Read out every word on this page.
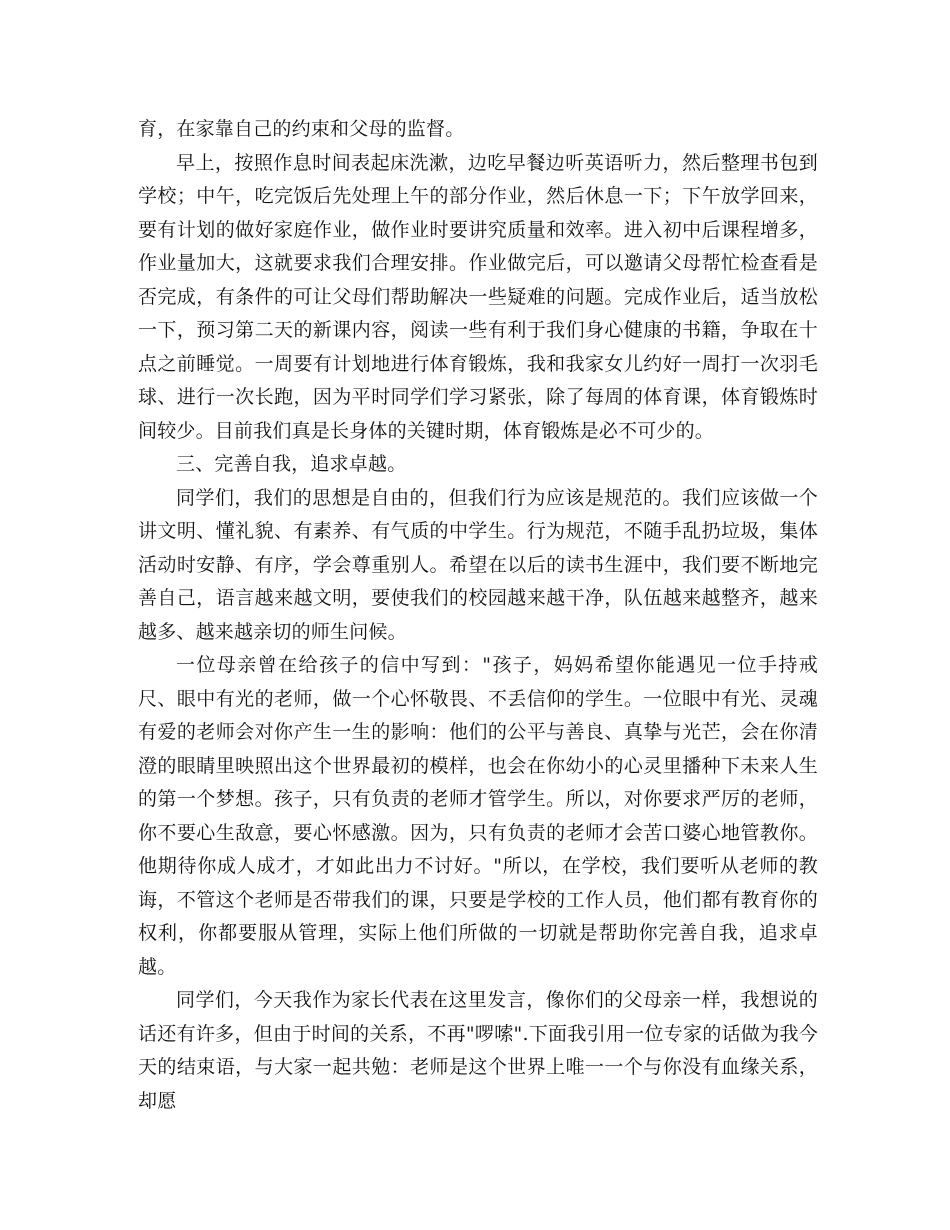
育，在家靠自己的约束和父母的监督。

早上，按照作息时间表起床洗漱，边吃早餐边听英语听力，然后整理书包到学校；中午，吃完饭后先处理上午的部分作业，然后休息一下；下午放学回来，要有计划的做好家庭作业，做作业时要讲究质量和效率。进入初中后课程增多，作业量加大，这就要求我们合理安排。作业做完后，可以邀请父母帮忙检查看是否完成，有条件的可让父母们帮助解决一些疑难的问题。完成作业后，适当放松一下，预习第二天的新课内容，阅读一些有利于我们身心健康的书籍，争取在十点之前睡觉。一周要有计划地进行体育锻炼，我和我家女儿约好一周打一次羽毛球、进行一次长跑，因为平时同学们学习紧张，除了每周的体育课，体育锻炼时间较少。目前我们真是长身体的关键时期，体育锻炼是必不可少的。

三、完善自我，追求卓越。

同学们，我们的思想是自由的，但我们行为应该是规范的。我们应该做一个讲文明、懂礼貌、有素养、有气质的中学生。行为规范，不随手乱扔垃圾，集体活动时安静、有序，学会尊重别人。希望在以后的读书生涯中，我们要不断地完善自己，语言越来越文明，要使我们的校园越来越干净，队伍越来越整齐，越来越多、越来越亲切的师生问候。

一位母亲曾在给孩子的信中写到："孩子，妈妈希望你能遇见一位手持戒尺、眼中有光的老师，做一个心怀敬畏、不丢信仰的学生。一位眼中有光、灵魂有爱的老师会对你产生一生的影响：他们的公平与善良、真挚与光芒，会在你清澄的眼睛里映照出这个世界最初的模样，也会在你幼小的心灵里播种下未来人生的第一个梦想。孩子，只有负责的老师才管学生。所以，对你要求严厉的老师，你不要心生敌意，要心怀感激。因为，只有负责的老师才会苦口婆心地管教你。他期待你成人成才，才如此出力不讨好。"所以，在学校，我们要听从老师的教诲，不管这个老师是否带我们的课，只要是学校的工作人员，他们都有教育你的权利，你都要服从管理，实际上他们所做的一切就是帮助你完善自我，追求卓越。

同学们，今天我作为家长代表在这里发言，像你们的父母亲一样，我想说的话还有许多，但由于时间的关系，不再"啰嗦".下面我引用一位专家的话做为我今天的结束语，与大家一起共勉：老师是这个世界上唯一一个与你没有血缘关系，却愿
